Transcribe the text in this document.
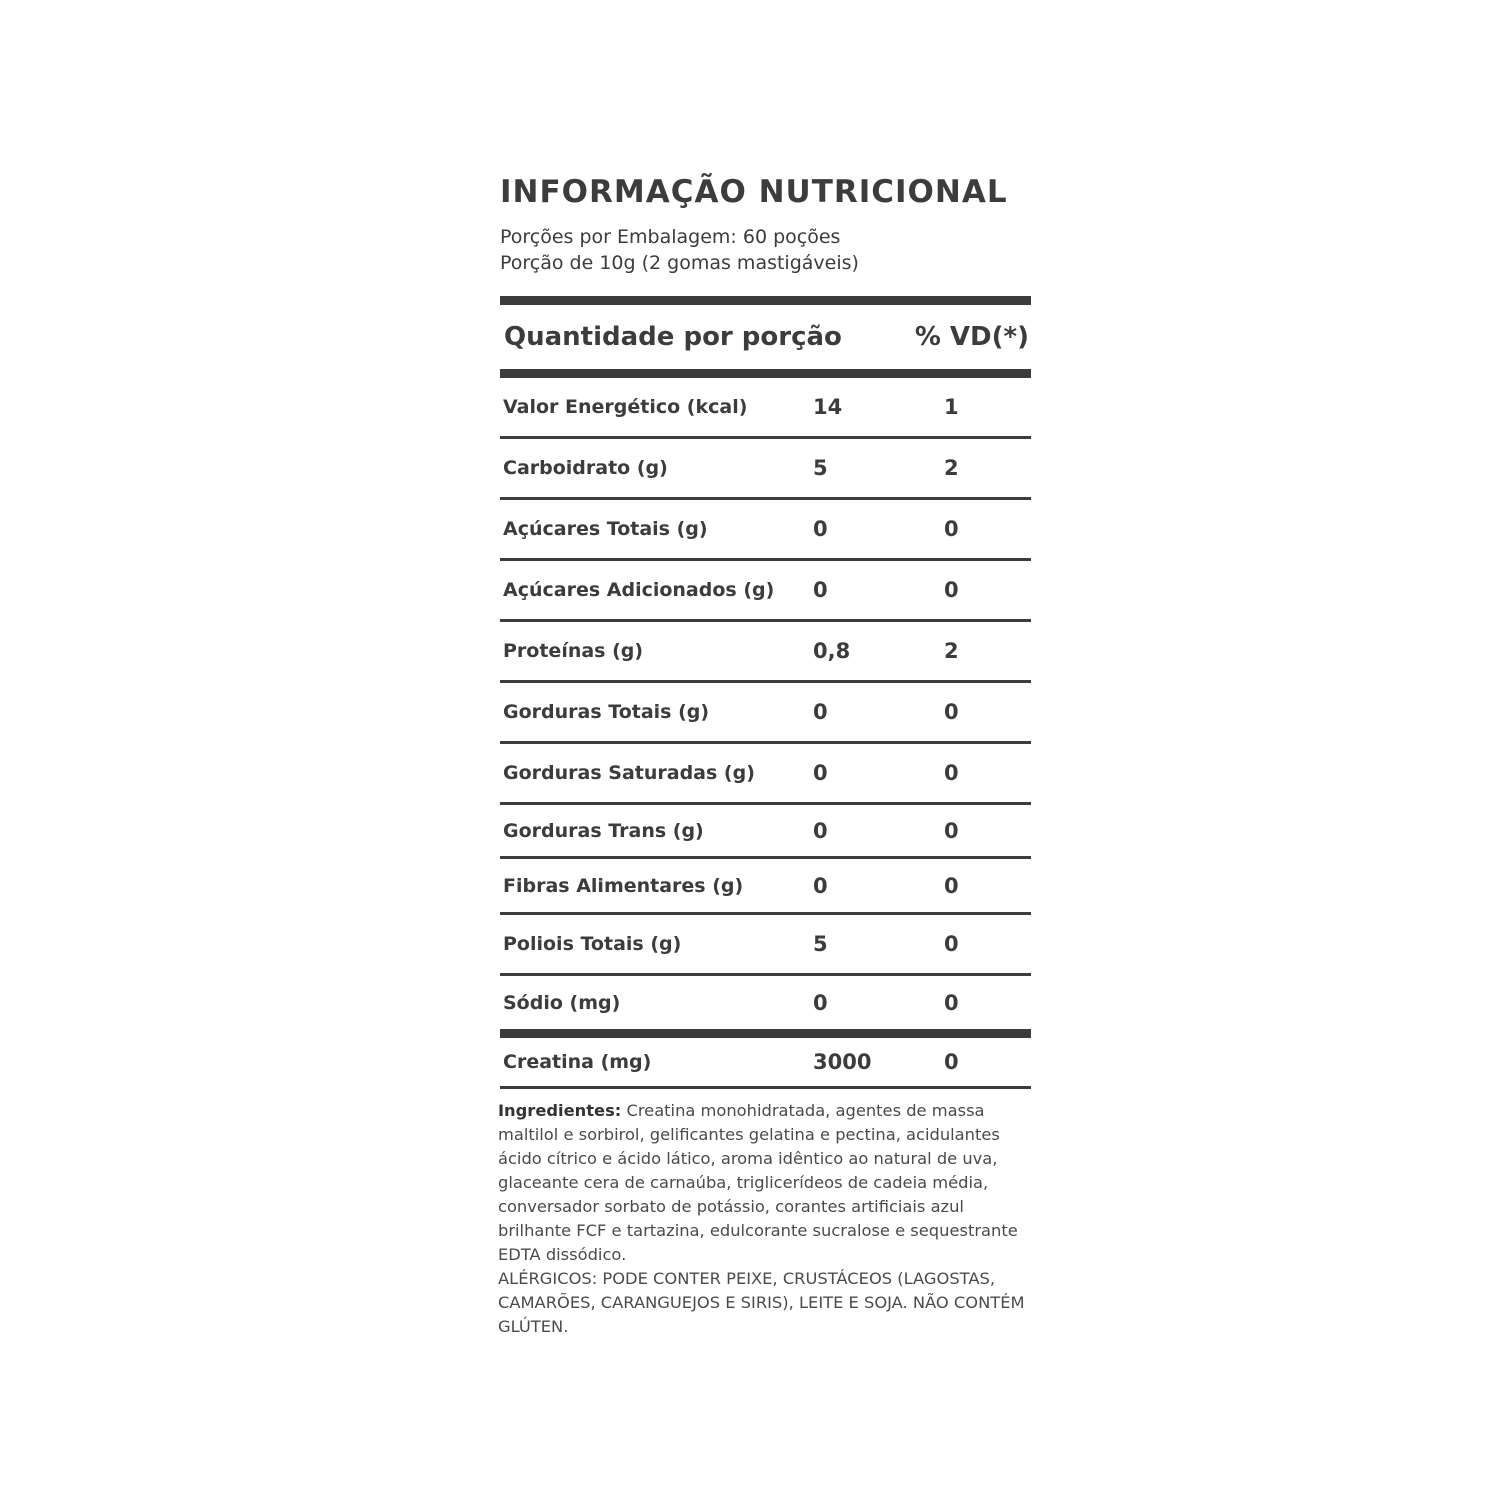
INFORMAÇÃO NUTRICIONAL
Porções por Embalagem: 60 poções
Porção de 10g (2 gomas mastigáveis)
Quantidade por porção	% VD(*)
Valor Energético (kcal)	14	1
Carboidrato (g)	5	2
Açúcares Totais (g)	0	0
Açúcares Adicionados (g)	0	0
Proteínas (g)	0,8	2
Gorduras Totais (g)	0	0
Gorduras Saturadas (g)	0	0
Gorduras Trans (g)	0	0
Fibras Alimentares (g)	0	0
Poliois Totais (g)	5	0
Sódio (mg)	0	0
Creatina (mg)	3000	0
Ingredientes: Creatina monohidratada, agentes de massa maltilol e sorbirol, gelificantes gelatina e pectina, acidulantes ácido cítrico e ácido lático, aroma idêntico ao natural de uva, glaceante cera de carnaúba, triglicerídeos de cadeia média, conversador sorbato de potássio, corantes artificiais azul brilhante FCF e tartazina, edulcorante sucralose e sequestrante EDTA dissódico.
ALÉRGICOS: PODE CONTER PEIXE, CRUSTÁCEOS (LAGOSTAS, CAMARÕES, CARANGUEJOS E SIRIS), LEITE E SOJA. NÃO CONTÉM GLÚTEN.
